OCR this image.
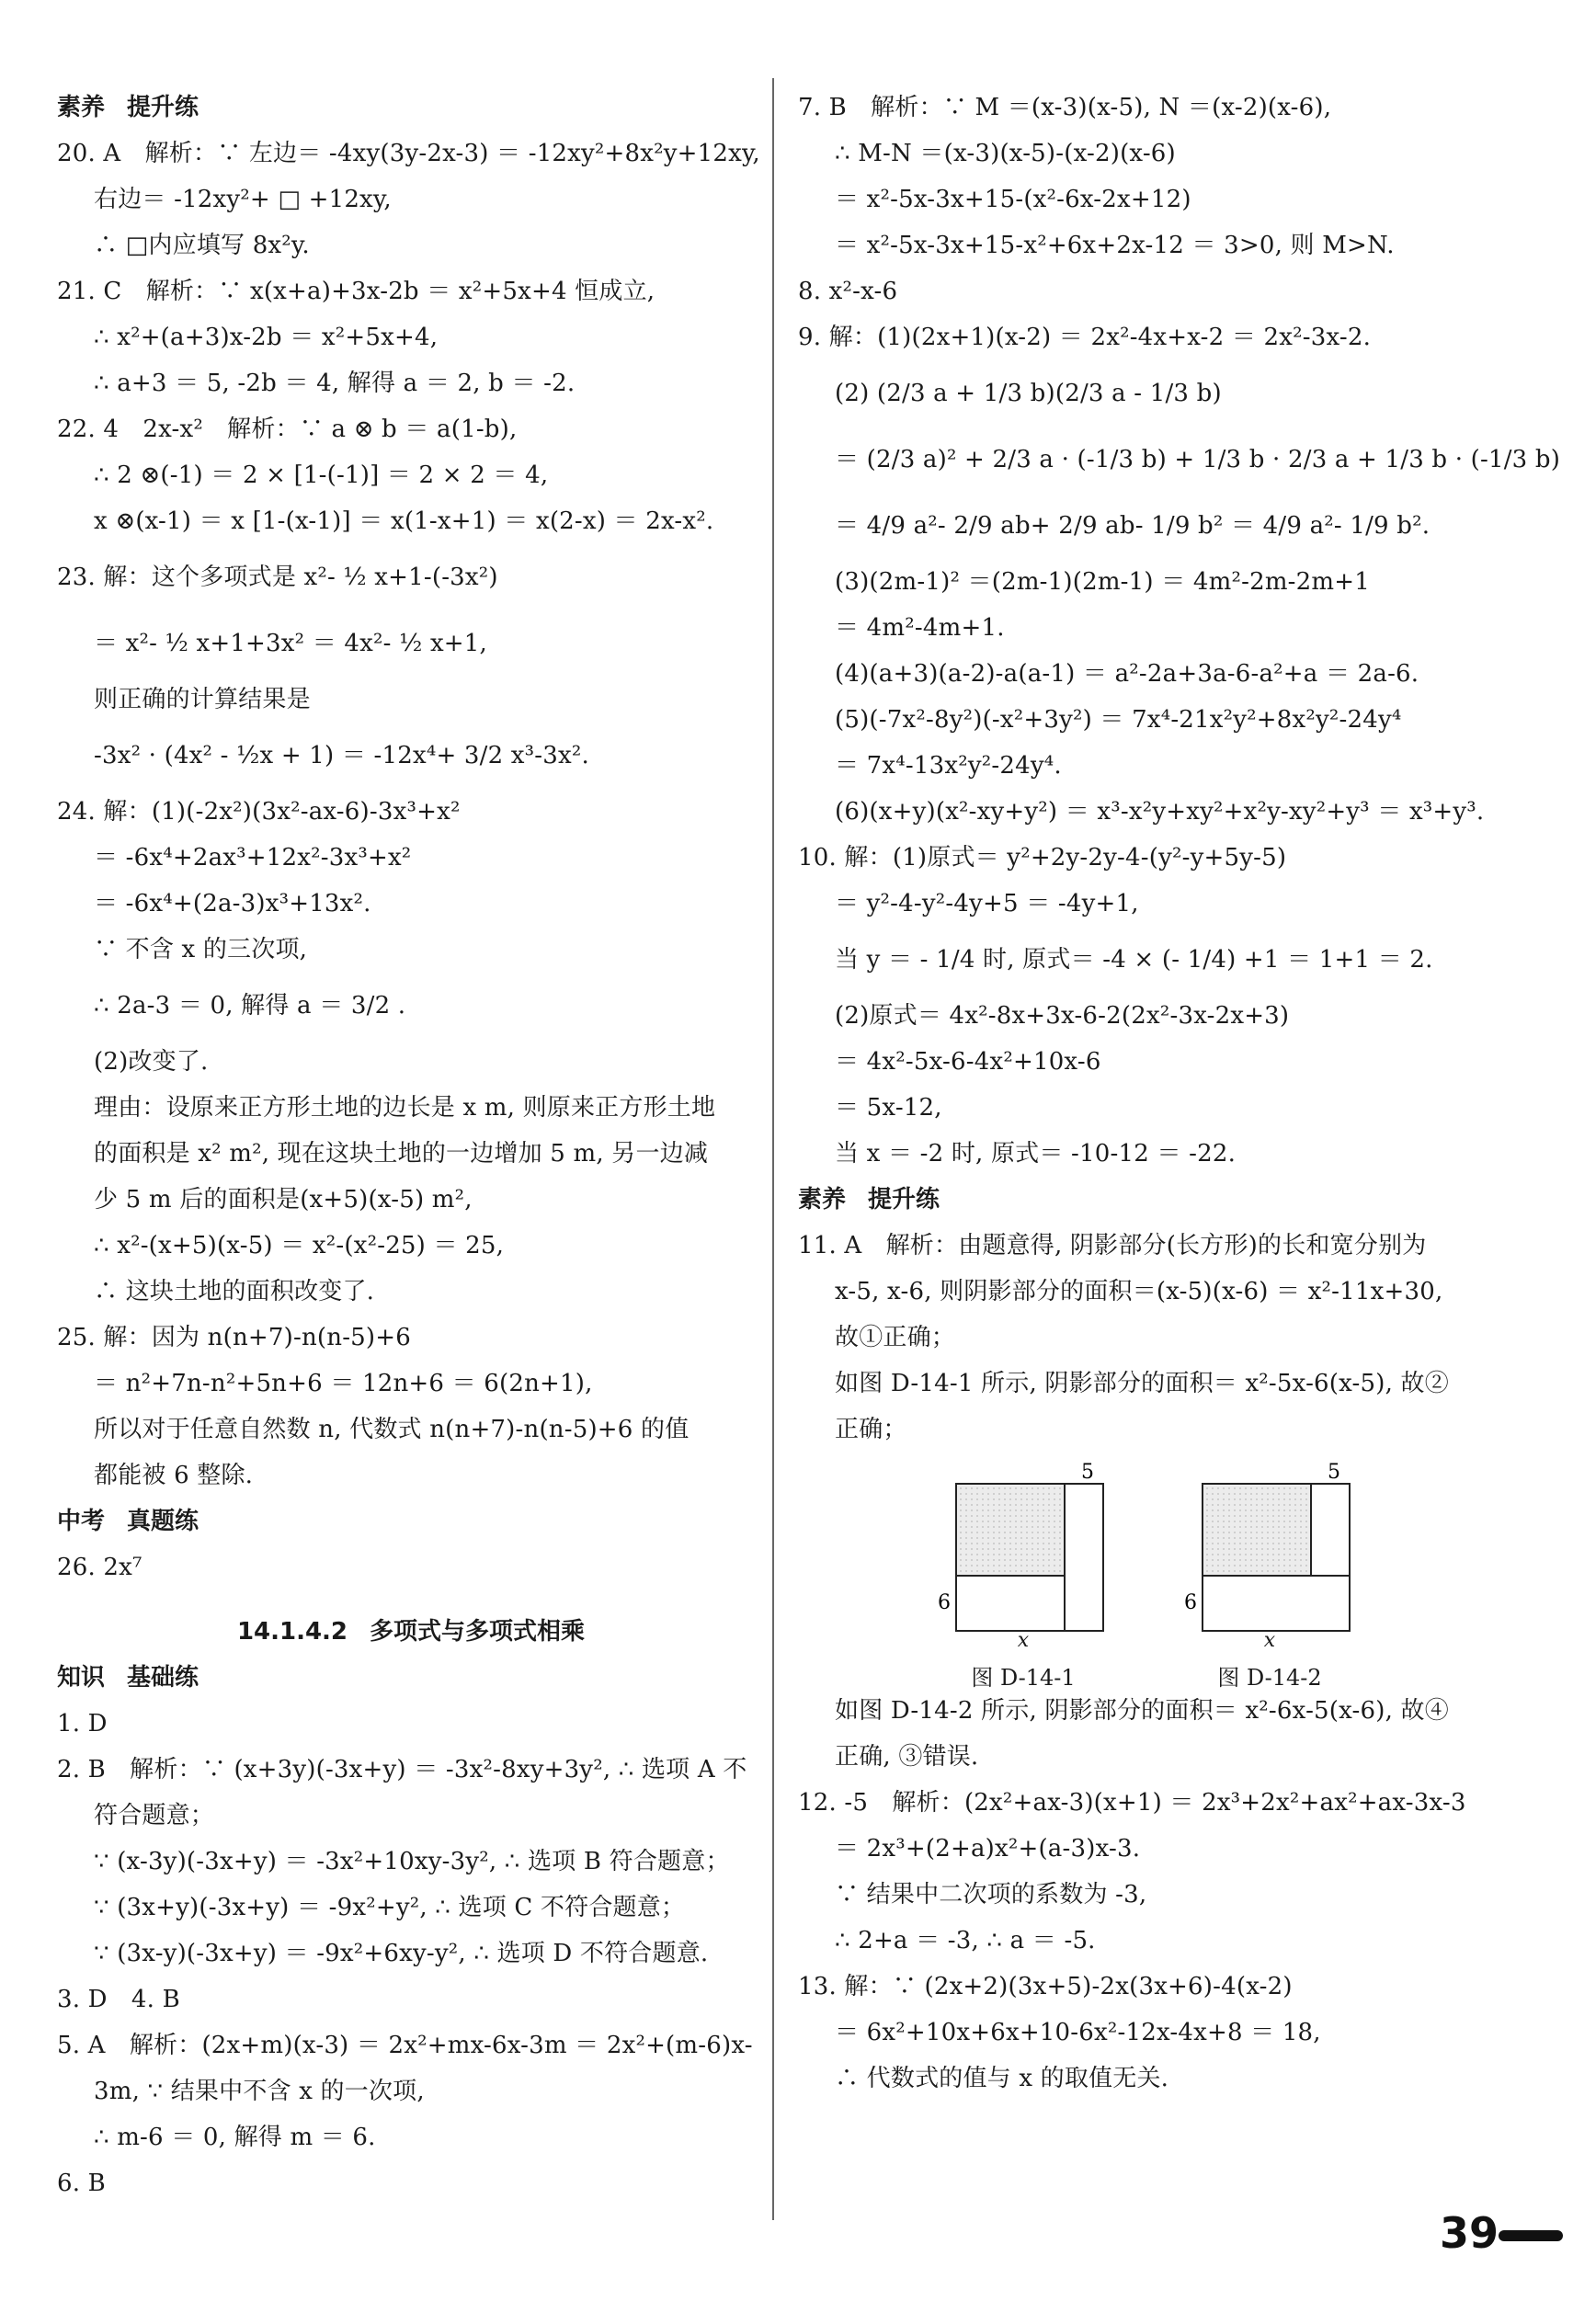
素养 提升练
20. A　解析：∵ 左边＝ -4xy(3y-2x-3) ＝ -12xy²+8x²y+12xy,
右边＝ -12xy²+ □ +12xy,
∴ □内应填写 8x²y.
21. C　解析：∵ x(x+a)+3x-2b ＝ x²+5x+4 恒成立,
∴ x²+(a+3)x-2b ＝ x²+5x+4,
∴ a+3 ＝ 5, -2b ＝ 4, 解得 a ＝ 2, b ＝ -2.
22. 4　2x-x²　解析：∵ a ⊗ b ＝ a(1-b),
∴ 2 ⊗(-1) ＝ 2 × [1-(-1)] ＝ 2 × 2 ＝ 4,
x ⊗(x-1) ＝ x [1-(x-1)] ＝ x(1-x+1) ＝ x(2-x) ＝ 2x-x².
23. 解：这个多项式是 x²- ½ x+1-(-3x²)
＝ x²- ½ x+1+3x² ＝ 4x²- ½ x+1,
则正确的计算结果是
-3x² · (4x² - ½x + 1) ＝ -12x⁴+ 3/2 x³-3x².
24. 解：(1)(-2x²)(3x²-ax-6)-3x³+x²
＝ -6x⁴+2ax³+12x²-3x³+x²
＝ -6x⁴+(2a-3)x³+13x².
∵ 不含 x 的三次项,
∴ 2a-3 ＝ 0, 解得 a ＝ 3/2 .
(2)改变了.
理由：设原来正方形土地的边长是 x m, 则原来正方形土地
的面积是 x² m², 现在这块土地的一边增加 5 m, 另一边减
少 5 m 后的面积是(x+5)(x-5) m²,
∴ x²-(x+5)(x-5) ＝ x²-(x²-25) ＝ 25,
∴ 这块土地的面积改变了.
25. 解：因为 n(n+7)-n(n-5)+6
＝ n²+7n-n²+5n+6 ＝ 12n+6 ＝ 6(2n+1),
所以对于任意自然数 n, 代数式 n(n+7)-n(n-5)+6 的值
都能被 6 整除.
中考 真题练
26. 2x⁷
14.1.4.2 多项式与多项式相乘
知识 基础练
1. D
2. B　解析：∵ (x+3y)(-3x+y) ＝ -3x²-8xy+3y², ∴ 选项 A 不
符合题意；
∵ (x-3y)(-3x+y) ＝ -3x²+10xy-3y², ∴ 选项 B 符合题意；
∵ (3x+y)(-3x+y) ＝ -9x²+y², ∴ 选项 C 不符合题意；
∵ (3x-y)(-3x+y) ＝ -9x²+6xy-y², ∴ 选项 D 不符合题意.
3. D　4. B
5. A　解析：(2x+m)(x-3) ＝ 2x²+mx-6x-3m ＝ 2x²+(m-6)x-
3m, ∵ 结果中不含 x 的一次项,
∴ m-6 ＝ 0, 解得 m ＝ 6.
6. B
7. B　解析：∵ M ＝(x-3)(x-5), N ＝(x-2)(x-6),
∴ M-N ＝(x-3)(x-5)-(x-2)(x-6)
＝ x²-5x-3x+15-(x²-6x-2x+12)
＝ x²-5x-3x+15-x²+6x+2x-12 ＝ 3>0, 则 M>N.
8. x²-x-6
9. 解：(1)(2x+1)(x-2) ＝ 2x²-4x+x-2 ＝ 2x²-3x-2.
(2) (2/3 a + 1/3 b)(2/3 a - 1/3 b)
＝ (2/3 a)² + 2/3 a · (-1/3 b) + 1/3 b · 2/3 a + 1/3 b · (-1/3 b)
＝ 4/9 a²- 2/9 ab+ 2/9 ab- 1/9 b² ＝ 4/9 a²- 1/9 b².
(3)(2m-1)² ＝(2m-1)(2m-1) ＝ 4m²-2m-2m+1
＝ 4m²-4m+1.
(4)(a+3)(a-2)-a(a-1) ＝ a²-2a+3a-6-a²+a ＝ 2a-6.
(5)(-7x²-8y²)(-x²+3y²) ＝ 7x⁴-21x²y²+8x²y²-24y⁴
＝ 7x⁴-13x²y²-24y⁴.
(6)(x+y)(x²-xy+y²) ＝ x³-x²y+xy²+x²y-xy²+y³ ＝ x³+y³.
10. 解：(1)原式＝ y²+2y-2y-4-(y²-y+5y-5)
＝ y²-4-y²-4y+5 ＝ -4y+1,
当 y ＝ - 1/4 时, 原式＝ -4 × (- 1/4) +1 ＝ 1+1 ＝ 2.
(2)原式＝ 4x²-8x+3x-6-2(2x²-3x-2x+3)
＝ 4x²-5x-6-4x²+10x-6
＝ 5x-12,
当 x ＝ -2 时, 原式＝ -10-12 ＝ -22.
素养 提升练
11. A　解析：由题意得, 阴影部分(长方形)的长和宽分别为
x-5, x-6, 则阴影部分的面积＝(x-5)(x-6) ＝ x²-11x+30,
故①正确；
如图 D-14-1 所示, 阴影部分的面积＝ x²-5x-6(x-5), 故②
正确；
5
6
x
图 D-14-1
5
6
x
图 D-14-2
如图 D-14-2 所示, 阴影部分的面积＝ x²-6x-5(x-6), 故④
正确, ③错误.
12. -5　解析：(2x²+ax-3)(x+1) ＝ 2x³+2x²+ax²+ax-3x-3
＝ 2x³+(2+a)x²+(a-3)x-3.
∵ 结果中二次项的系数为 -3,
∴ 2+a ＝ -3, ∴ a ＝ -5.
13. 解：∵ (2x+2)(3x+5)-2x(3x+6)-4(x-2)
＝ 6x²+10x+6x+10-6x²-12x-4x+8 ＝ 18,
∴ 代数式的值与 x 的取值无关.
39
